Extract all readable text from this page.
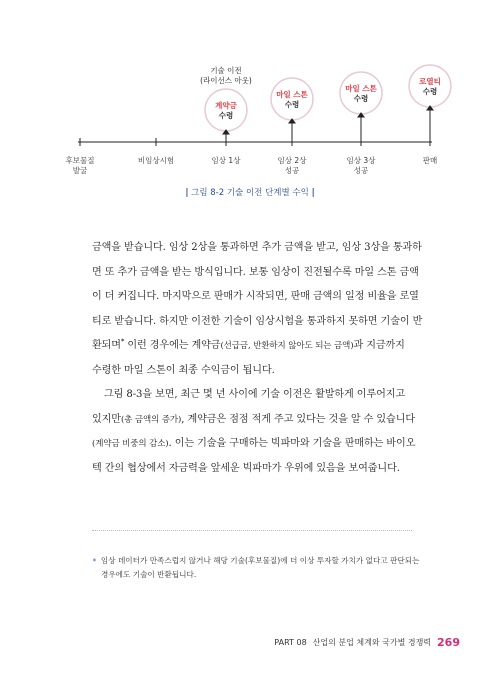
기술 이전
(라이선스 아웃)
계약금
수령
마일 스톤
수령
마일 스톤
수령
로열티
수령
후보물질
발굴
비임상시험	임상 1상	임상 2상
성공
임상 3상
성공
판매
| 그림 8-2 기술 이전 단계별 수익 |

금액을 받습니다. 임상 2상을 통과하면 추가 금액을 받고, 임상 3상을 통과하

면 또 추가 금액을 받는 방식입니다. 보통 임상이 진전될수록 마일 스톤 금액

이 더 커집니다. 마지막으로 판매가 시작되면, 판매 금액의 일정 비율을 로열

티로 받습니다. 하지만 이전한 기술이 임상시험을 통과하지 못하면 기술이 반

환되며* 이런 경우에는 계약금(선급금, 반환하지 않아도 되는 금액)과 지금까지

수령한 마일 스톤이 최종 수익금이 됩니다.

그림 8-3을 보면, 최근 몇 년 사이에 기술 이전은 활발하게 이루어지고

있지만(총 금액의 증가), 계약금은 점점 적게 주고 있다는 것을 알 수 있습니다

(계약금 비중의 감소). 이는 기술을 구매하는 빅파마와 기술을 판매하는 바이오

텍 간의 협상에서 자금력을 앞세운 빅파마가 우위에 있음을 보여줍니다.

• 임상 데이터가 만족스럽지 않거나 해당 기술(후보물질)에 더 이상 투자할 가치가 없다고 판단되는
경우에도 기술이 반환됩니다.
PART 08 산업의 분업 체계와 국가별 경쟁력 269
